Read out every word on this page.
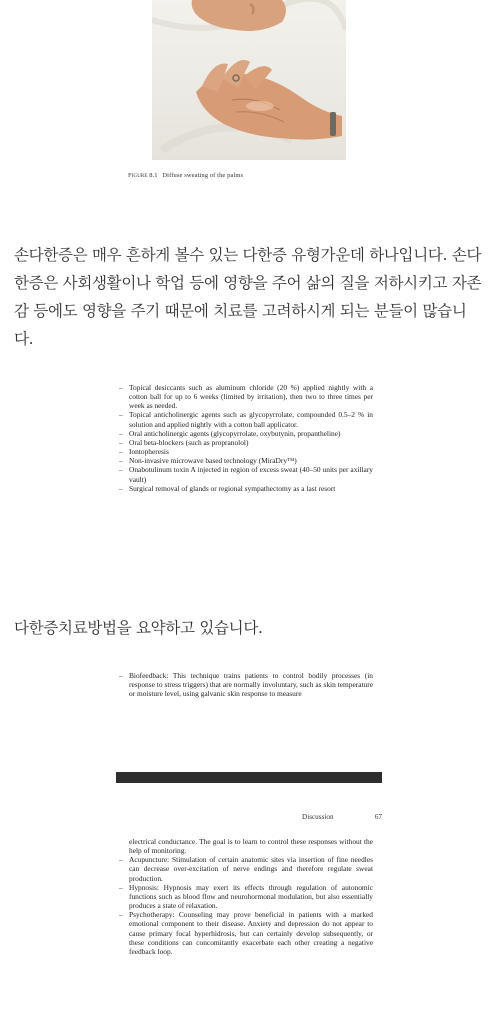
Figure 8.1 Diffuse sweating of the palms
손다한증은 매우 흔하게 볼수 있는 다한증 유형가운데 하나입니다. 손다한증은 사회생활이나 학업 등에 영향을 주어 삶의 질을 저하시키고 자존감 등에도 영향을 주기 때문에 치료를 고려하시게 되는 분들이 많습니다.
– Topical desiccants such as aluminum chloride (20 %) applied nightly with a cotton ball for up to 6 weeks (limited by irritation), then two to three times per week as needed.
– Topical anticholinergic agents such as glycopyrrolate, compounded 0.5–2 % in solution and applied nightly with a cotton ball applicator.
– Oral anticholinergic agents (glycopyrrolate, oxybutynin, propantheline)
– Oral beta-blockers (such as propranolol)
– Iontopheresis
– Non-invasive microwave based technology (MiraDry™)
– Onabotulinum toxin A injected in region of excess sweat (40–50 units per axillary vault)
– Surgical removal of glands or regional sympathectomy as a last resort
다한증치료방법을 요약하고 있습니다.
– Biofeedback: This technique trains patients to control bodily processes (in response to stress triggers) that are normally involuntary, such as skin temperature or moisture level, using galvanic skin response to measure
Discussion	67
electrical conductance. The goal is to learn to control these responses without the help of monitoring.
– Acupuncture: Stimulation of certain anatomic sites via insertion of fine needles can decrease over-excitation of nerve endings and therefore regulate sweat production.
– Hypnosis: Hypnosis may exert its effects through regulation of autonomic functions such as blood flow and neurohormonal modulation, but also essentially produces a state of relaxation.
– Psychotherapy: Counseling may prove beneficial in patients with a marked emotional component to their disease. Anxiety and depression do not appear to cause primary focal hyperhidrosis, but can certainly develop subsequently, or these conditions can concomitantly exacerbate each other creating a negative feedback loop.
